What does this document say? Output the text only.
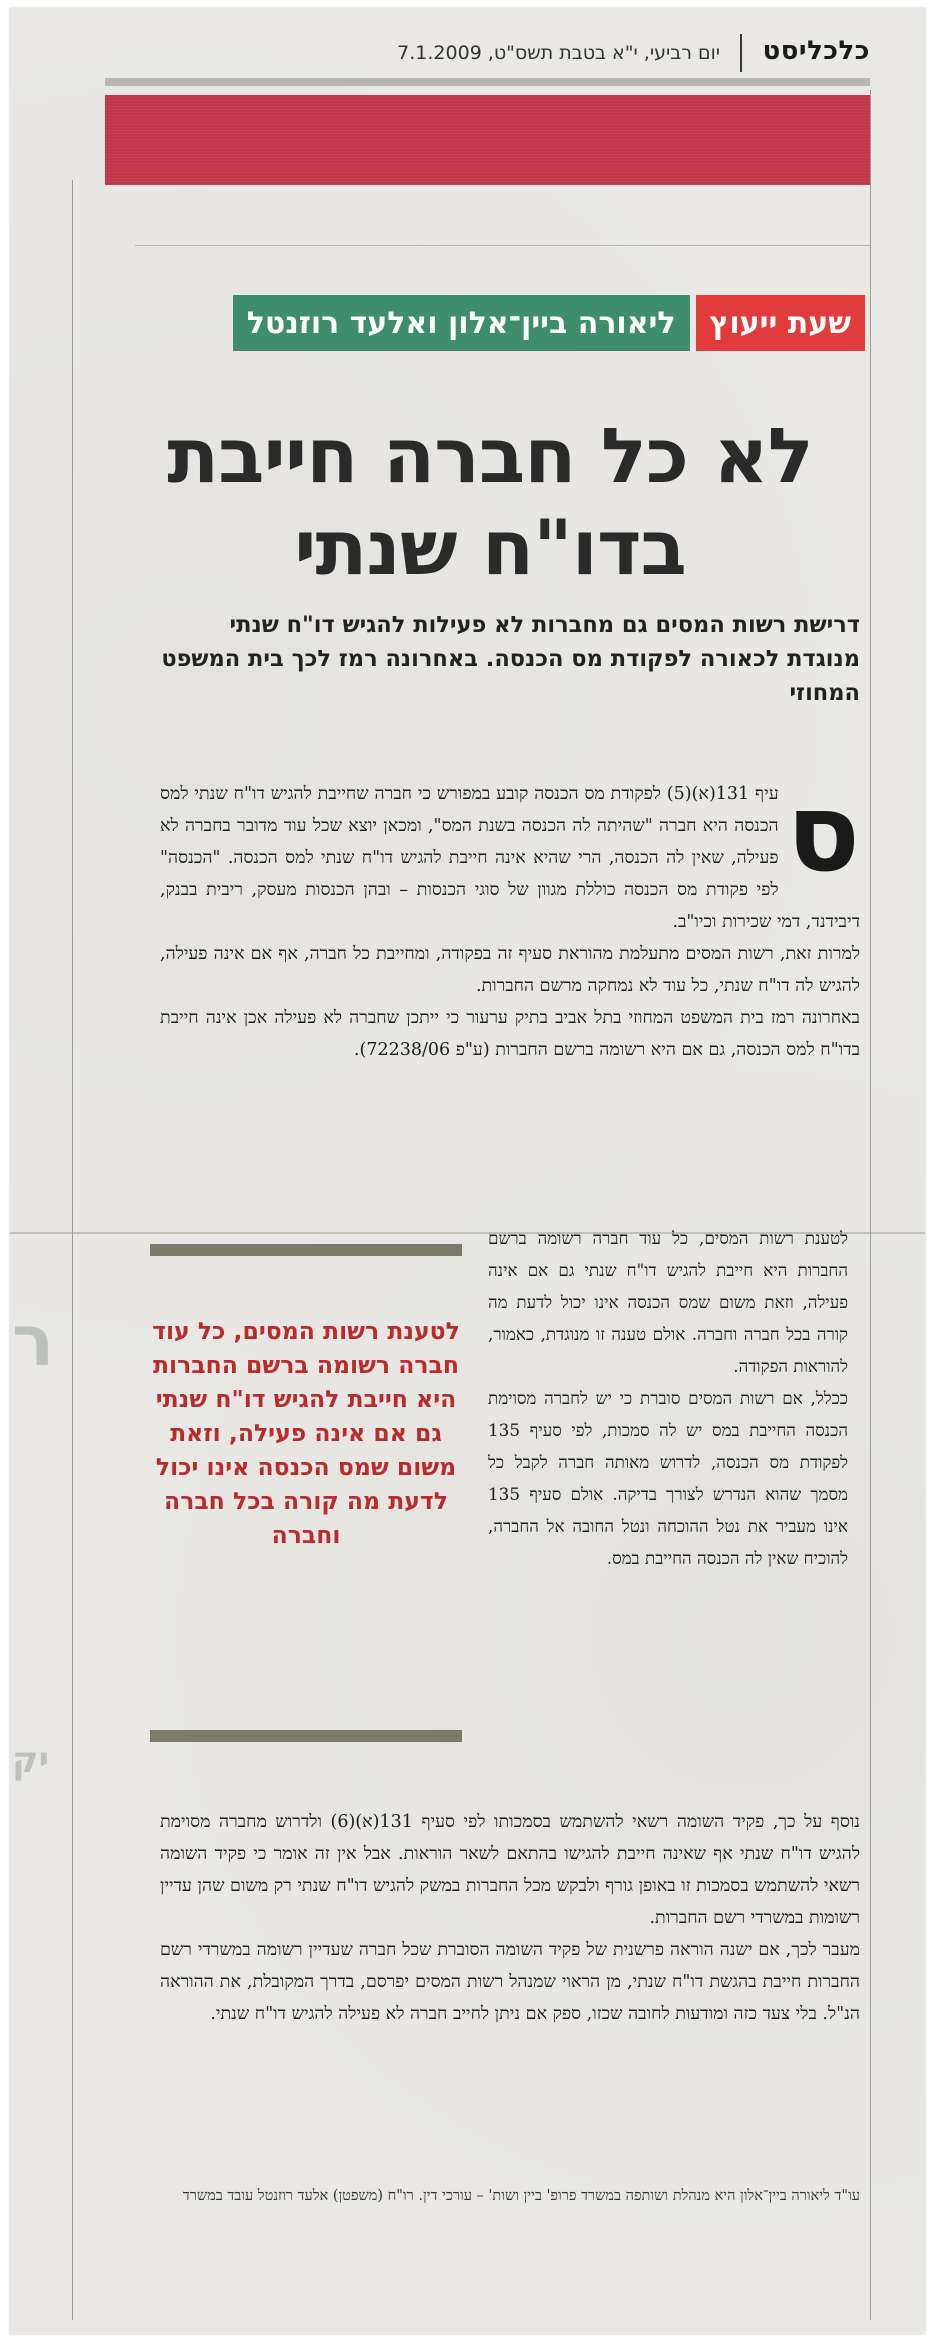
ר
יק
כלכליסט
יום רביעי, י"א בטבת תשס"ט, 7.1.2009
שעת ייעוץ
ליאורה ביין־אלון ואלעד רוזנטל
לא כל חברה חייבת
בדו"ח שנתי
דרישת רשות המסים גם מחברות לא פעילות להגיש דו"ח שנתי מנוגדת לכאורה לפקודת מס הכנסה. באחרונה רמז לכך בית המשפט המחוזי
ס

עיף 131(א)(5) לפקודת מס הכנסה קובע במפורש כי חברה שחייבת להגיש דו"ח שנתי למס הכנסה היא חברה "שהיתה לה הכנסה בשנת המס", ומכאן יוצא שכל עוד מדובר בחברה לא פעילה, שאין לה הכנסה, הרי שהיא אינה חייבת להגיש דו"ח שנתי למס הכנסה. "הכנסה" לפי פקודת מס הכנסה כוללת מגוון של סוגי הכנסות – ובהן הכנסות מעסק, ריבית בבנק, דיבידנד, דמי שכירות וכיו"ב.

למרות זאת, רשות המסים מתעלמת מהוראת סעיף זה בפקודה, ומחייבת כל חברה, אף אם אינה פעילה, להגיש לה דו"ח שנתי, כל עוד לא נמחקה מרשם החברות.

באחרונה רמז בית המשפט המחוזי בתל אביב בתיק ערעור כי ייתכן שחברה לא פעילה אכן אינה חייבת בדו"ח למס הכנסה, גם אם היא רשומה ברשם החברות (ע"פ 72238/06).

לטענת רשות המסים, כל עוד חברה רשומה ברשם החברות היא חייבת להגיש דו"ח שנתי גם אם אינה פעילה, וזאת משום שמס הכנסה אינו יכול לדעת מה קורה בכל חברה וחברה. אולם טענה זו מנוגדת, כאמור, להוראות הפקודה.

ככלל, אם רשות המסים סוברת כי יש לחברה מסוימת הכנסה החייבת במס יש לה סמכות, לפי סעיף 135 לפקודת מס הכנסה, לדרוש מאותה חברה לקבל כל מסמך שהוא הנדרש לצורך בדיקה. אולם סעיף 135 אינו מעביר את נטל ההוכחה ונטל החובה אל החברה, להוכיח שאין לה הכנסה החייבת במס.

לטענת רשות המסים, כל עוד חברה רשומה ברשם החברות היא חייבת להגיש דו"ח שנתי גם אם אינה פעילה, וזאת משום שמס הכנסה אינו יכול לדעת מה קורה בכל חברה וחברה

נוסף על כך, פקיד השומה רשאי להשתמש בסמכותו לפי סעיף 131(א)(6) ולדרוש מחברה מסוימת להגיש דו"ח שנתי אף שאינה חייבת להגישו בהתאם לשאר הוראות. אבל אין זה אומר כי פקיד השומה רשאי להשתמש בסמכות זו באופן גורף ולבקש מכל החברות במשק להגיש דו"ח שנתי רק משום שהן עדיין רשומות במשרדי רשם החברות.

מעבר לכך, אם ישנה הוראה פרשנית של פקיד השומה הסוברת שכל חברה שעדיין רשומה במשרדי רשם החברות חייבת בהגשת דו"ח שנתי, מן הראוי שמנהל רשות המסים יפרסם, בדרך המקובלת, את ההוראה הנ"ל. בלי צעד כזה ומודעות לחובה שכזו, ספק אם ניתן לחייב חברה לא פעילה להגיש דו"ח שנתי.

עו"ד ליאורה ביין־אלון היא מנהלת ושותפה במשרד פרופ' ביין ושות' – עורכי דין. רו"ח (משפטן) אלעד רוזנטל עובד במשרד
